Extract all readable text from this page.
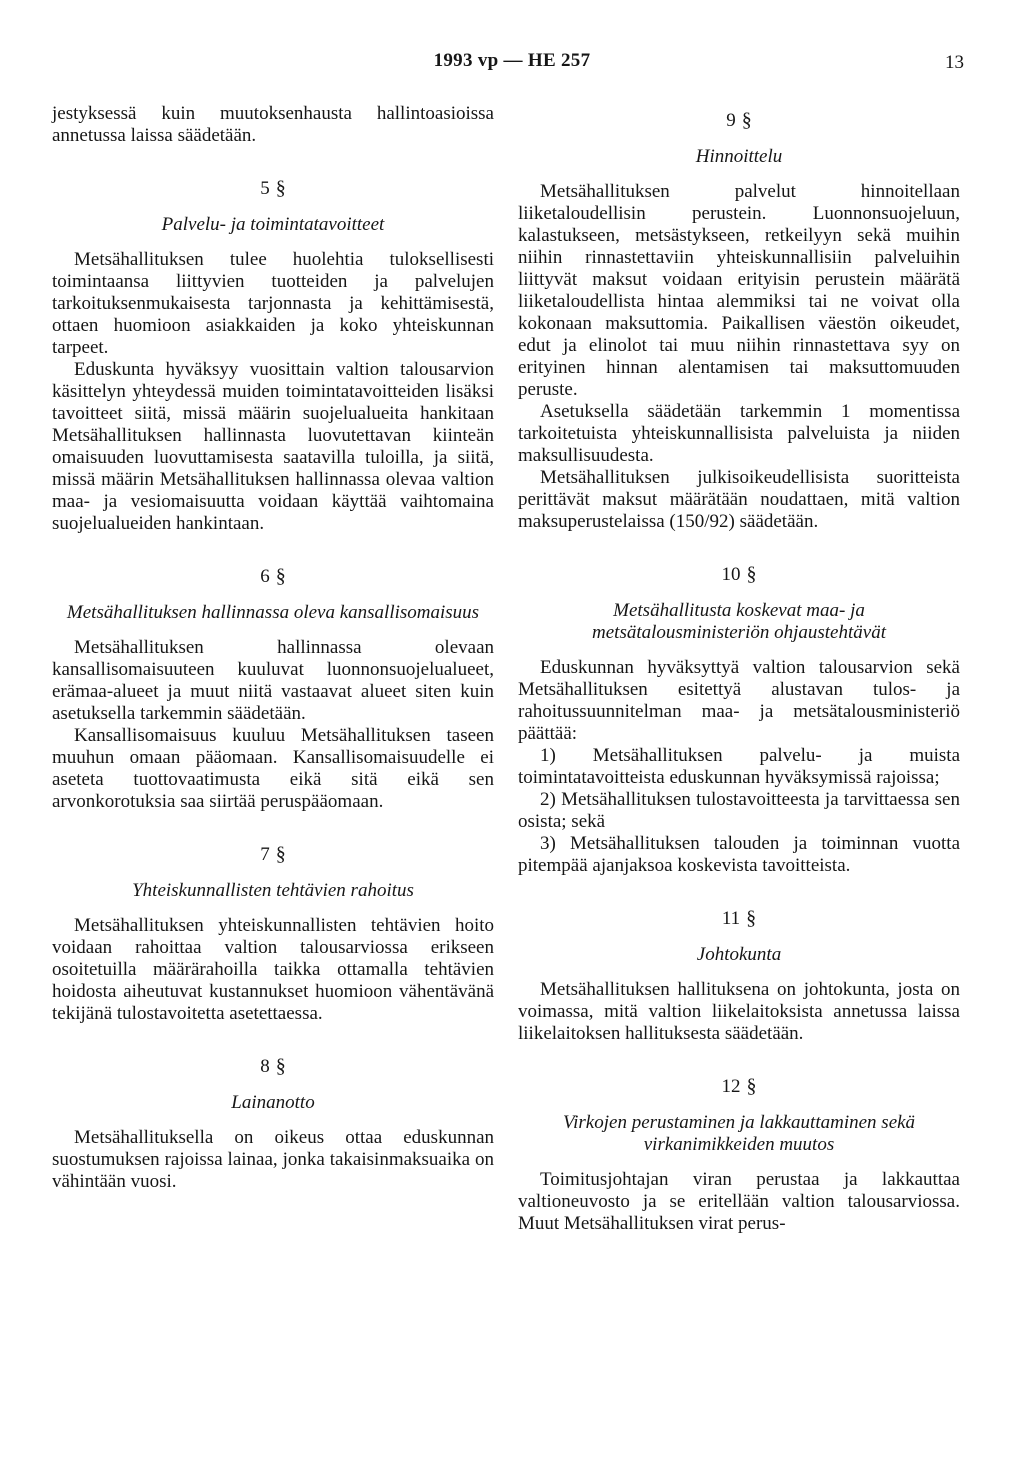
1993 vp — HE 257	13

jestyksessä kuin muutoksenhausta hallintoasioissa annetussa laissa säädetään.

5 §
Palvelu- ja toimintatavoitteet

Metsähallituksen tulee huolehtia tuloksellisesti toimintaansa liittyvien tuotteiden ja palvelujen tarkoituksenmukaisesta tarjonnasta ja kehittämisestä, ottaen huomioon asiakkaiden ja koko yhteiskunnan tarpeet.

Eduskunta hyväksyy vuosittain valtion talousarvion käsittelyn yhteydessä muiden toimintatavoitteiden lisäksi tavoitteet siitä, missä määrin suojelualueita hankitaan Metsähallituksen hallinnasta luovutettavan kiinteän omaisuuden luovuttamisesta saatavilla tuloilla, ja siitä, missä määrin Metsähallituksen hallinnassa olevaa valtion maa- ja vesiomaisuutta voidaan käyttää vaihtomaina suojelualueiden hankintaan.

6 §
Metsähallituksen hallinnassa oleva kansallisomaisuus

Metsähallituksen hallinnassa olevaan kansallisomaisuuteen kuuluvat luonnonsuojelualueet, erämaa-alueet ja muut niitä vastaavat alueet siten kuin asetuksella tarkemmin säädetään.

Kansallisomaisuus kuuluu Metsähallituksen taseen muuhun omaan pääomaan. Kansallisomaisuudelle ei aseteta tuottovaatimusta eikä sitä eikä sen arvonkorotuksia saa siirtää peruspääomaan.

7 §
Yhteiskunnallisten tehtävien rahoitus

Metsähallituksen yhteiskunnallisten tehtävien hoito voidaan rahoittaa valtion talousarviossa erikseen osoitetuilla määrärahoilla taikka ottamalla tehtävien hoidosta aiheutuvat kustannukset huomioon vähentävänä tekijänä tulostavoitetta asetettaessa.

8 §
Lainanotto

Metsähallituksella on oikeus ottaa eduskunnan suostumuksen rajoissa lainaa, jonka takaisinmaksuaika on vähintään vuosi.

9 §
Hinnoittelu

Metsähallituksen palvelut hinnoitellaan liiketaloudellisin perustein. Luonnonsuojeluun, kalastukseen, metsästykseen, retkeilyyn sekä muihin niihin rinnastettaviin yhteiskunnallisiin palveluihin liittyvät maksut voidaan erityisin perustein määrätä liiketaloudellista hintaa alemmiksi tai ne voivat olla kokonaan maksuttomia. Paikallisen väestön oikeudet, edut ja elinolot tai muu niihin rinnastettava syy on erityinen hinnan alentamisen tai maksuttomuuden peruste.

Asetuksella säädetään tarkemmin 1 momentissa tarkoitetuista yhteiskunnallisista palveluista ja niiden maksullisuudesta.

Metsähallituksen julkisoikeudellisista suoritteista perittävät maksut määrätään noudattaen, mitä valtion maksuperustelaissa (150/92) säädetään.

10 §
Metsähallitusta koskevat maa- ja metsätalousministeriön ohjaustehtävät

Eduskunnan hyväksyttyä valtion talousarvion sekä Metsähallituksen esitettyä alustavan tulos- ja rahoitussuunnitelman maa- ja metsätalousministeriö päättää:

1) Metsähallituksen palvelu- ja muista toimintatavoitteista eduskunnan hyväksymissä rajoissa;

2) Metsähallituksen tulostavoitteesta ja tarvittaessa sen osista; sekä

3) Metsähallituksen talouden ja toiminnan vuotta pitempää ajanjaksoa koskevista tavoitteista.

11 §
Johtokunta

Metsähallituksen hallituksena on johtokunta, josta on voimassa, mitä valtion liikelaitoksista annetussa laissa liikelaitoksen hallituksesta säädetään.

12 §
Virkojen perustaminen ja lakkauttaminen sekä virkanimikkeiden muutos

Toimitusjohtajan viran perustaa ja lakkauttaa valtioneuvosto ja se eritellään valtion talousarviossa. Muut Metsähallituksen virat perus-
